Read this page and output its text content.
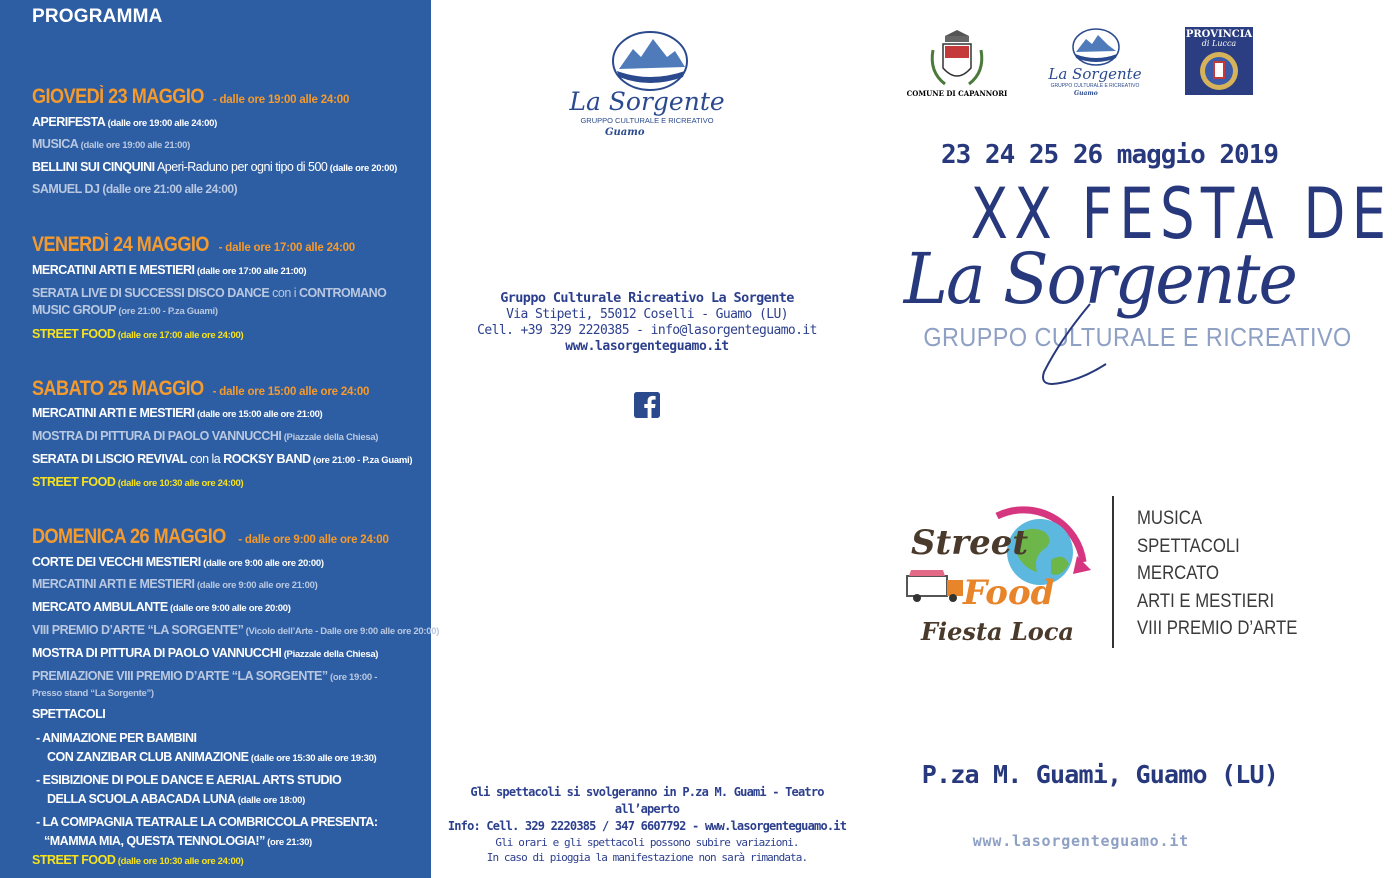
PROGRAMMA
GIOVEDÌ 23 MAGGIO - dalle ore 19:00 alle 24:00
APERIFESTA (dalle ore 19:00 alle 24:00)
MUSICA (dalle ore 19:00 alle 21:00)
BELLINI SUI CINQUINI Aperi-Raduno per ogni tipo di 500 (dalle ore 20:00)
SAMUEL DJ (dalle ore 21:00 alle 24:00)
VENERDÌ 24 MAGGIO - dalle ore 17:00 alle 24:00
MERCATINI ARTI E MESTIERI (dalle ore 17:00 alle 21:00)
SERATA LIVE DI SUCCESSI DISCO DANCE con i CONTROMANO MUSIC GROUP (ore 21:00 - P.za Guami)
STREET FOOD (dalle ore 17:00 alle ore 24:00)
SABATO 25 MAGGIO - dalle ore 15:00 alle ore 24:00
MERCATINI ARTI E MESTIERI (dalle ore 15:00 alle ore 21:00)
MOSTRA DI PITTURA DI PAOLO VANNUCCHI (Piazzale della Chiesa)
SERATA DI LISCIO REVIVAL con la ROCKSY BAND (ore 21:00 - P.za Guami)
STREET FOOD (dalle ore 10:30 alle ore 24:00)
DOMENICA 26 MAGGIO - dalle ore 9:00 alle ore 24:00
CORTE DEI VECCHI MESTIERI (dalle ore 9:00 alle ore 20:00)
MERCATINI ARTI E MESTIERI (dalle ore 9:00 alle ore 21:00)
MERCATO AMBULANTE (dalle ore 9:00 alle ore 20:00)
VIII PREMIO D’ARTE “LA SORGENTE” (Vicolo dell’Arte - Dalle ore 9:00 alle ore 20:00)
MOSTRA DI PITTURA DI PAOLO VANNUCCHI (Piazzale della Chiesa)
PREMIAZIONE VIII PREMIO D’ARTE “LA SORGENTE” (ore 19:00 - Presso stand “La Sorgente”)
SPETTACOLI
- ANIMAZIONE PER BAMBINI
CON ZANZIBAR CLUB ANIMAZIONE (dalle ore 15:30 alle ore 19:30)
- ESIBIZIONE DI POLE DANCE E AERIAL ARTS STUDIO
DELLA SCUOLA ABACADA LUNA (dalle ore 18:00)
- LA COMPAGNIA TEATRALE LA COMBRICCOLA PRESENTA:
“MAMMA MIA, QUESTA TENNOLOGIA!” (ore 21:30)
STREET FOOD (dalle ore 10:30 alle ore 24:00)
La Sorgente
GRUPPO CULTURALE E RICREATIVO
Guamo
Gruppo Culturale Ricreativo La Sorgente
Via Stipeti, 55012 Coselli - Guamo (LU)
Cell. +39 329 2220385 - info@lasorgenteguamo.it
www.lasorgenteguamo.it
Gli spettacoli si svolgeranno in P.za M. Guami - Teatro all’aperto
Info: Cell. 329 2220385 / 347 6607792 - www.lasorgenteguamo.it
Gli orari e gli spettacoli possono subire variazioni.
In caso di pioggia la manifestazione non sarà rimandata.
COMUNE DI CAPANNORI
La Sorgente
GRUPPO CULTURALE E RICREATIVO
Guamo
PROVINCIA
di Lucca
23 24 25 26 maggio 2019
XX FESTA DE
La Sorgente
GRUPPO CULTURALE E RICREATIVO
Street
Food
Fiesta Loca
MUSICA
SPETTACOLI
MERCATO
ARTI E MESTIERI
VIII PREMIO D’ARTE
P.za M. Guami, Guamo (LU)
www.lasorgenteguamo.it
